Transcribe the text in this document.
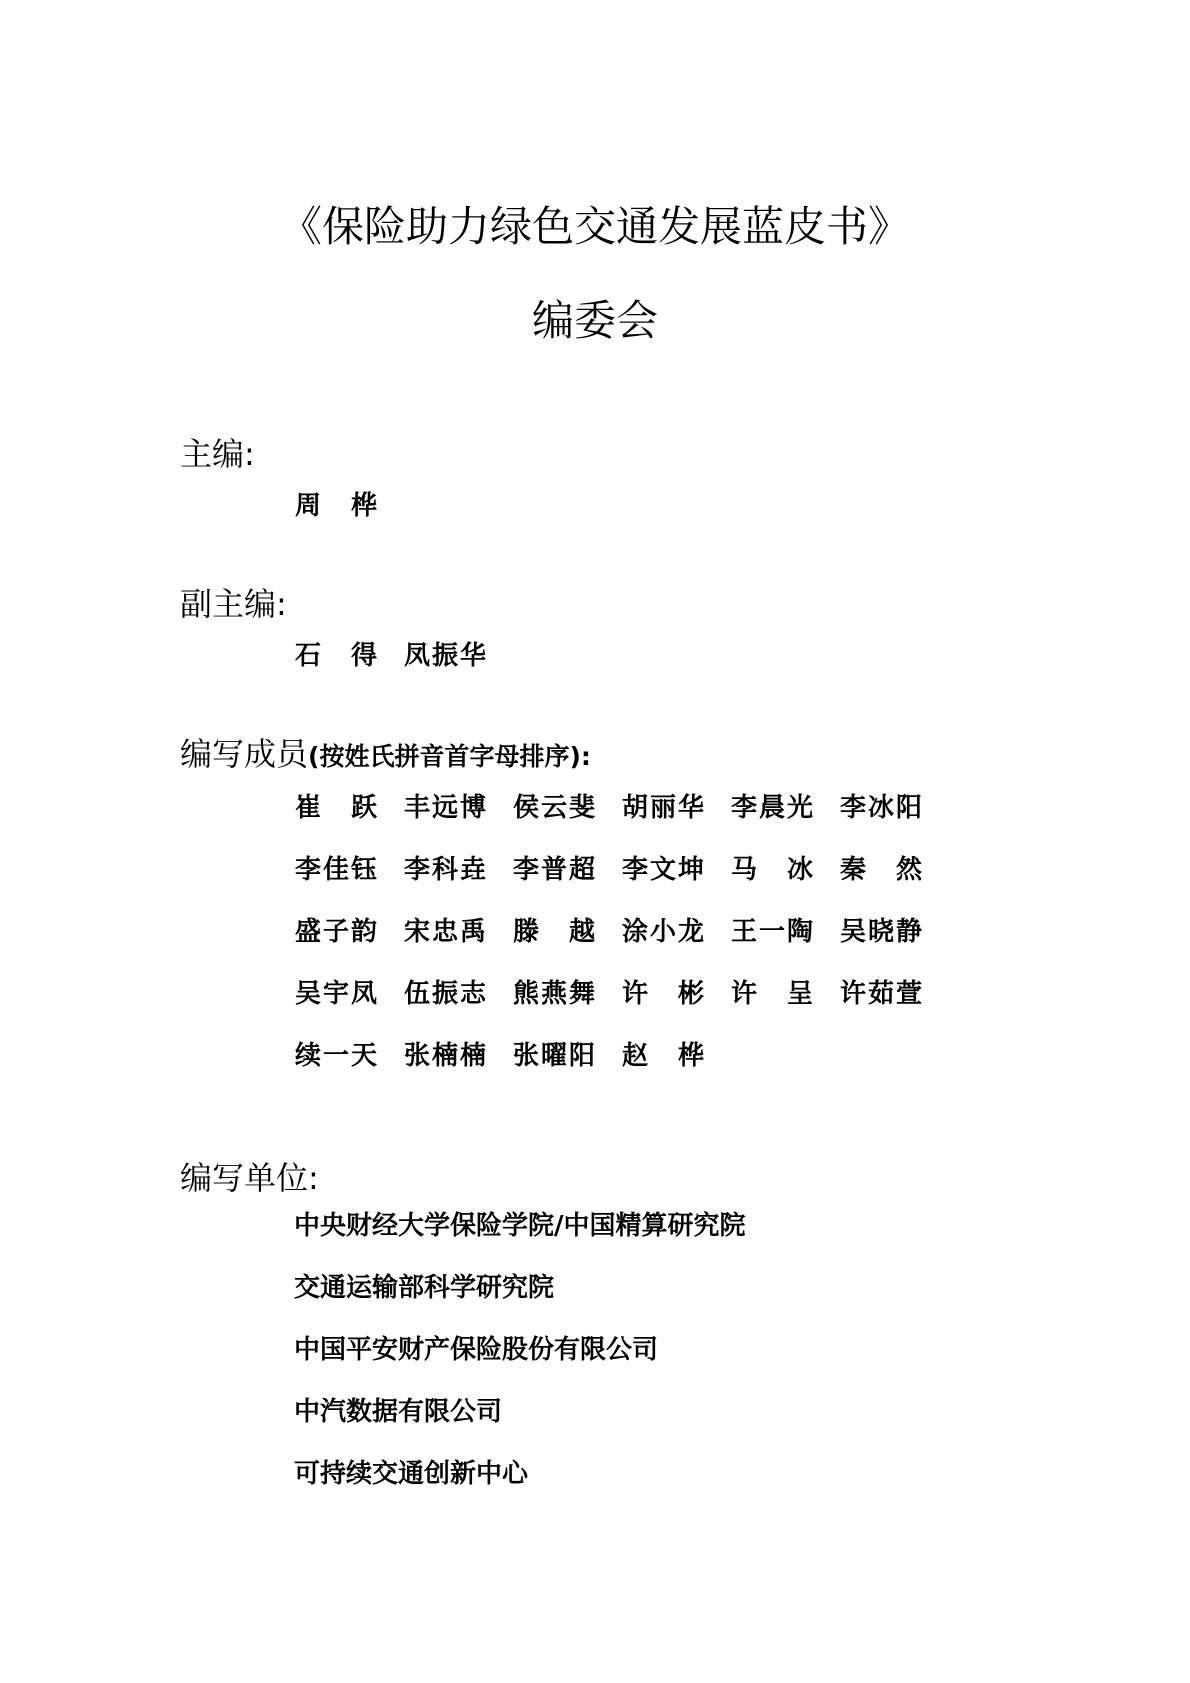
《保险助力绿色交通发展蓝皮书》
编委会
主编:
周 桦
副主编:
石 得 凤振华
编写成员(按姓氏拼音首字母排序):
崔 跃 丰远博 侯云斐 胡丽华 李晨光 李冰阳
李佳钰 李科垚 李普超 李文坤 马 冰 秦 然
盛子韵 宋忠禹 滕 越 涂小龙 王一陶 吴晓静
吴宇凤 伍振志 熊燕舞 许 彬 许 呈 许茹萱
续一天 张楠楠 张曜阳 赵 桦
编写单位:
中央财经大学保险学院/中国精算研究院
交通运输部科学研究院
中国平安财产保险股份有限公司
中汽数据有限公司
可持续交通创新中心
